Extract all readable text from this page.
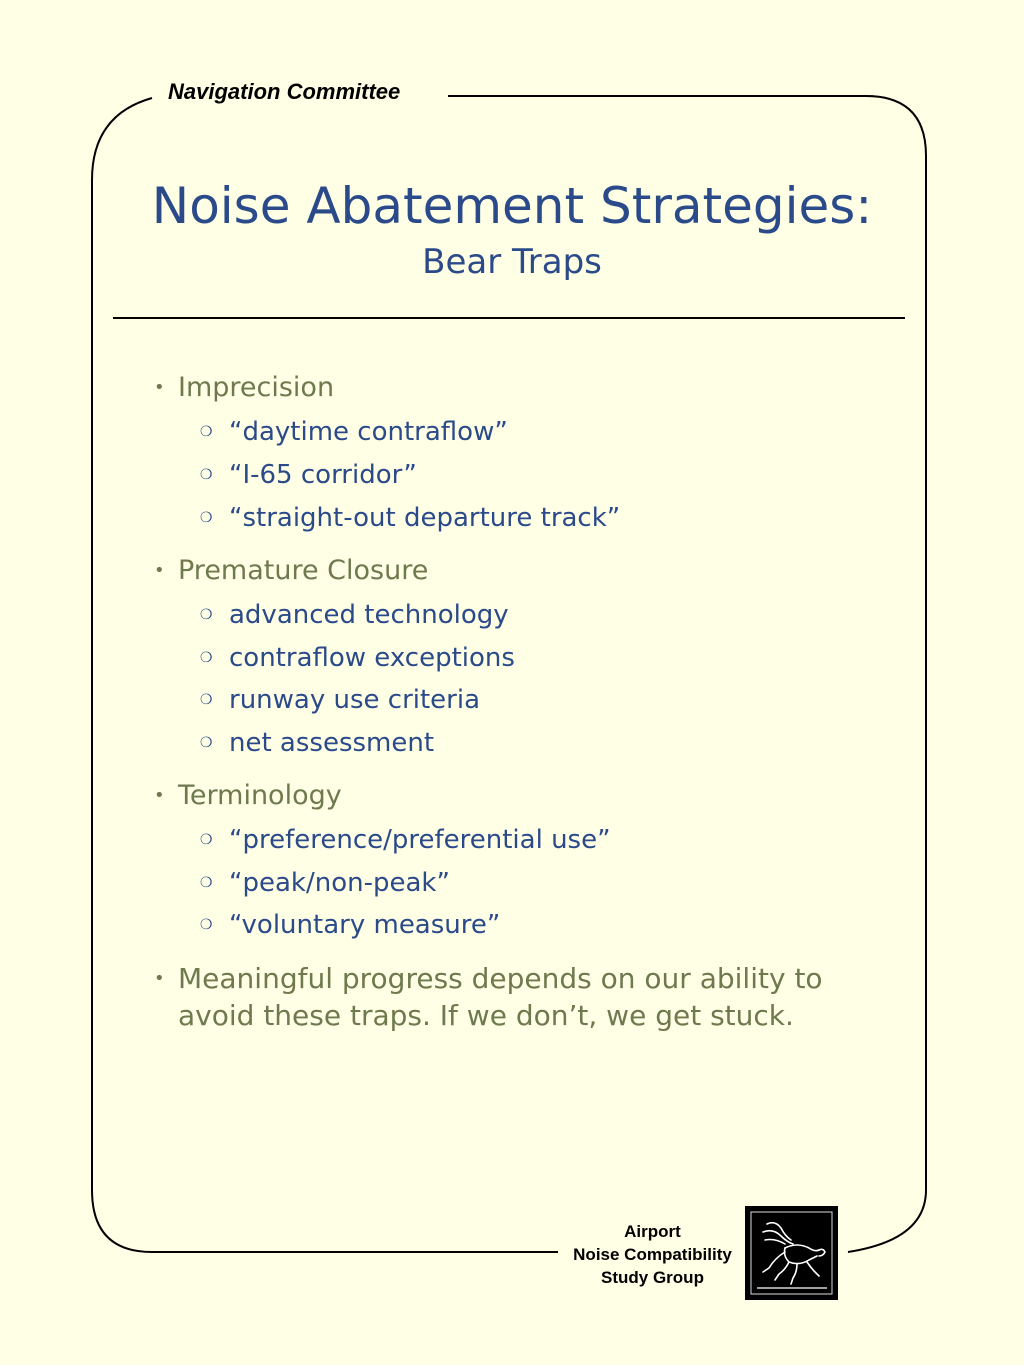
Navigation Committee
Noise Abatement Strategies:
Bear Traps
• Imprecision
❍ “daytime contraflow”
❍ “I-65 corridor”
❍ “straight-out departure track”
• Premature Closure
❍ advanced technology
❍ contraflow exceptions
❍ runway use criteria
❍ net assessment
• Terminology
❍ “preference/preferential use”
❍ “peak/non-peak”
❍ “voluntary measure”
• Meaningful progress depends on our ability to avoid these traps. If we don’t, we get stuck.
Airport
Noise Compatibility
Study Group
